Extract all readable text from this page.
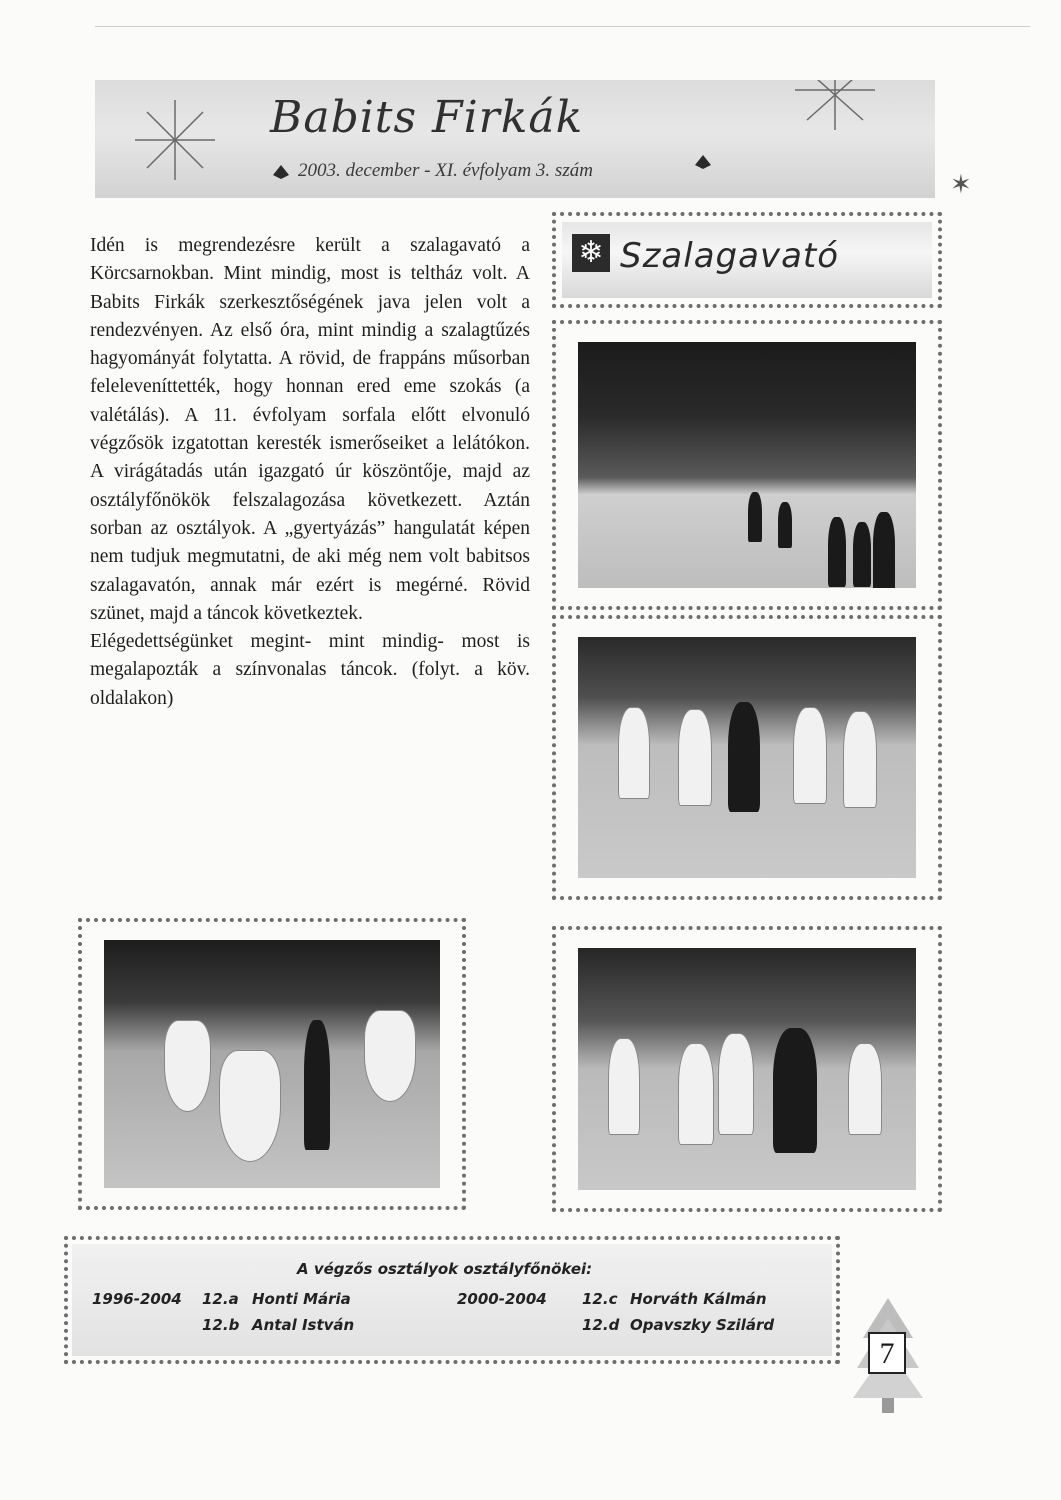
Babits Firkák
2003. december - XI. évfolyam 3. szám	✶
❄ Szalagavató

Idén is megrendezésre került a szalagavató a Körcsarnokban. Mint mindig, most is teltház volt. A Babits Firkák szerkesztőségének java jelen volt a rendezvényen. Az első óra, mint mindig a szalagtűzés hagyományát folytatta. A rövid, de frappáns műsorban feleleveníttették, hogy honnan ered eme szokás (a valétálás). A 11. évfolyam sorfala előtt elvonuló végzősök izgatottan keresték ismerőseiket a lelátókon. A virágátadás után igazgató úr köszöntője, majd az osztályfőnökök felszalagozása következett. Aztán sorban az osztályok. A „gyertyázás” hangulatát képen nem tudjuk megmutatni, de aki még nem volt babitsos szalagavatón, annak már ezért is megérné. Rövid szünet, majd a táncok következtek.

Elégedettségünket megint- mint mindig- most is megalapozták a színvonalas táncok. (folyt. a köv. oldalakon)

A végzős osztályok osztályfőnökei:
1996-2004 12.a Honti Mária
12.b Antal István
2000-2004 12.c Horváth Kálmán
12.d Opavszky Szilárd
7
